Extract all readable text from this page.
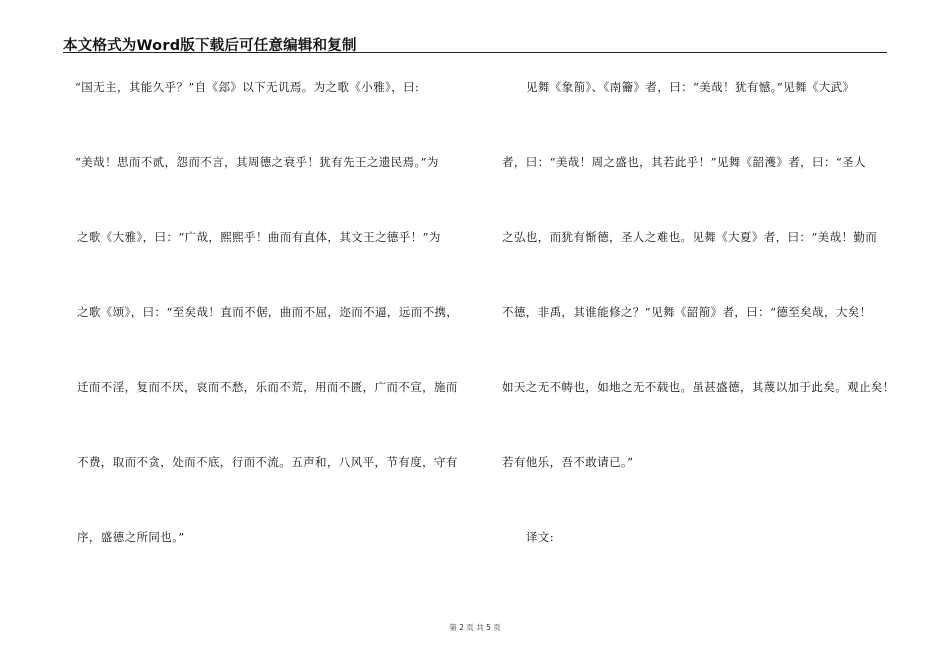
本文格式为Word版下载后可任意编辑和复制
“国无主，其能久乎？”自《郐》以下无讥焉。为之歌《小雅》，曰:
“美哉！思而不贰，怨而不言，其周德之衰乎！犹有先王之遗民焉。”为
之歌《大雅》，曰：“广哉，熙熙乎！曲而有直体，其文王之德乎！”为
之歌《颂》，曰：“至矣哉！直而不倨，曲而不屈，迩而不逼，远而不携，
迁而不淫，复而不厌，哀而不愁，乐而不荒，用而不匮，广而不宣，施而
不费，取而不贪，处而不底，行而不流。五声和，八风平，节有度，守有
序，盛德之所同也。”
见舞《象箾》、《南籥》者，曰：“美哉！犹有憾。”见舞《大武》
者，曰：“美哉！周之盛也，其若此乎！”见舞《韶濩》者，曰：“圣人
之弘也，而犹有惭德，圣人之难也。见舞《大夏》者，曰：“美哉！勤而
不德，非禹，其谁能修之？”见舞《韶箾》者，曰：“德至矣哉，大矣！
如天之无不帱也，如地之无不载也。虽甚盛德，其蔑以加于此矣。观止矣！
若有他乐，吾不敢请已。”
译文:
第 2 页 共 5 页
